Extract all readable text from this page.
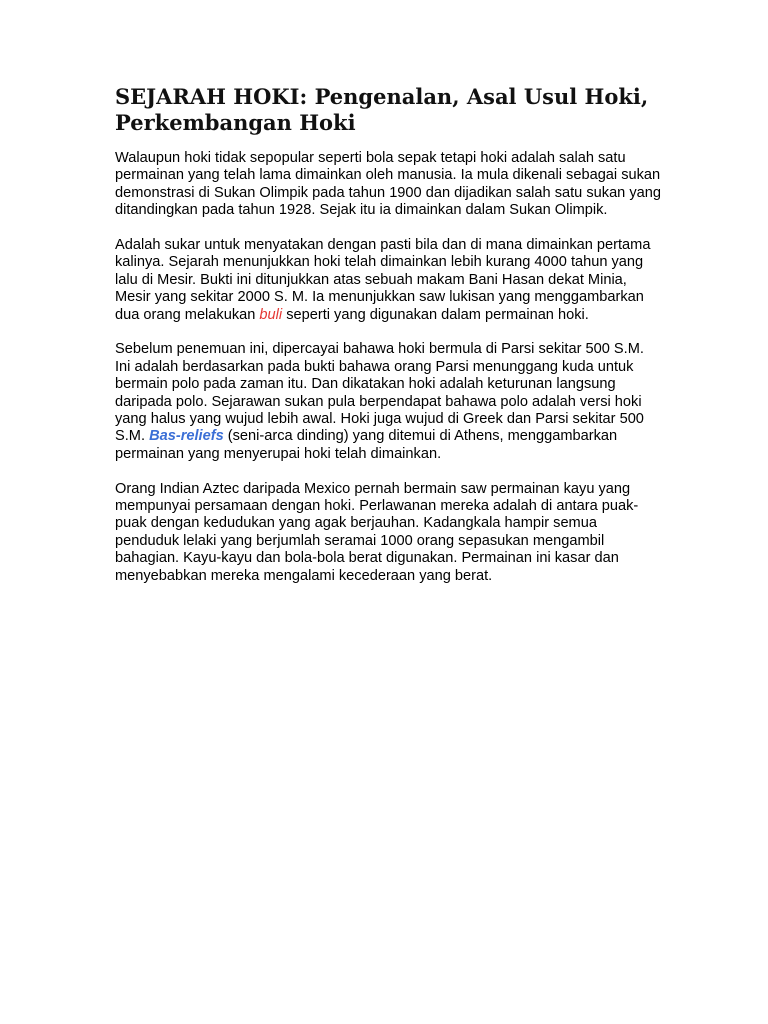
SEJARAH HOKI: Pengenalan, Asal Usul Hoki, Perkembangan Hoki

Walaupun hoki tidak sepopular seperti bola sepak tetapi hoki adalah salah satu permainan yang telah lama dimainkan oleh manusia. Ia mula dikenali sebagai sukan demonstrasi di Sukan Olimpik pada tahun 1900 dan dijadikan salah satu sukan yang ditandingkan pada tahun 1928. Sejak itu ia dimainkan dalam Sukan Olimpik.

Adalah sukar untuk menyatakan dengan pasti bila dan di mana dimainkan pertama kalinya. Sejarah menunjukkan hoki telah dimainkan lebih kurang 4000 tahun yang lalu di Mesir. Bukti ini ditunjukkan atas sebuah makam Bani Hasan dekat Minia, Mesir yang sekitar 2000 S. M. Ia menunjukkan saw lukisan yang menggambarkan dua orang melakukan buli seperti yang digunakan dalam permainan hoki.

Sebelum penemuan ini, dipercayai bahawa hoki bermula di Parsi sekitar 500 S.M. Ini adalah berdasarkan pada bukti bahawa orang Parsi menunggang kuda untuk bermain polo pada zaman itu. Dan dikatakan hoki adalah keturunan langsung daripada polo. Sejarawan sukan pula berpendapat bahawa polo adalah versi hoki yang halus yang wujud lebih awal. Hoki juga wujud di Greek dan Parsi sekitar 500 S.M. Bas-reliefs (seni-arca dinding) yang ditemui di Athens, menggambarkan permainan yang menyerupai hoki telah dimainkan.

Orang Indian Aztec daripada Mexico pernah bermain saw permainan kayu yang mempunyai persamaan dengan hoki. Perlawanan mereka adalah di antara puak-puak dengan kedudukan yang agak berjauhan. Kadangkala hampir semua penduduk lelaki yang berjumlah seramai 1000 orang sepasukan mengambil bahagian. Kayu-kayu dan bola-bola berat digunakan. Permainan ini kasar dan menyebabkan mereka mengalami kecederaan yang berat.
